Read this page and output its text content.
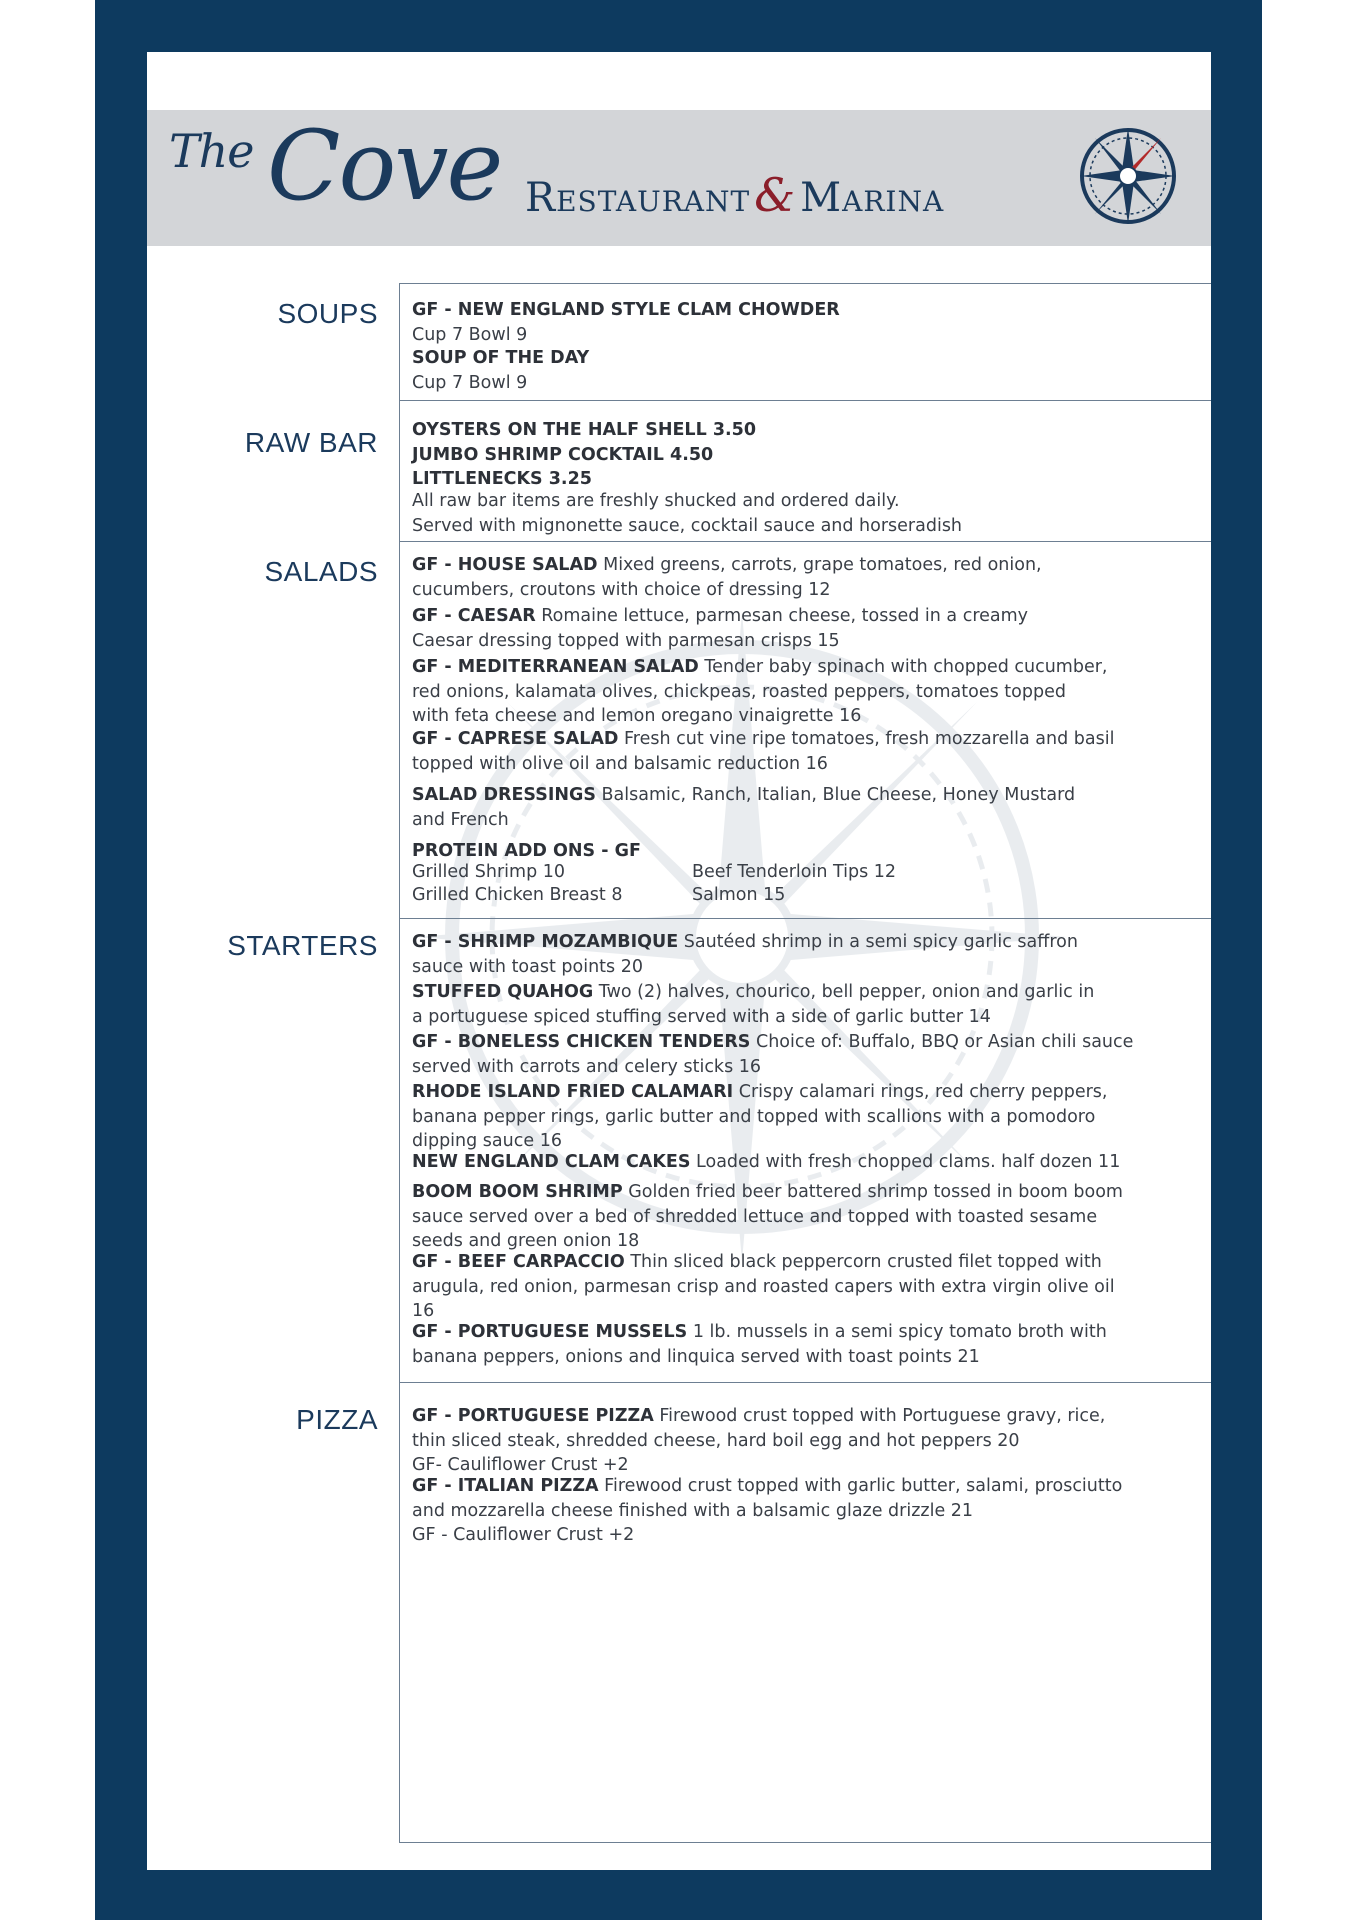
The Cove Restaurant& Marina
SOUPS
RAW BAR
SALADS
STARTERS
PIZZA
GF - NEW ENGLAND STYLE CLAM CHOWDER
Cup 7 Bowl 9
SOUP OF THE DAY
Cup 7 Bowl 9
OYSTERS ON THE HALF SHELL 3.50
JUMBO SHRIMP COCKTAIL 4.50
LITTLENECKS 3.25
All raw bar items are freshly shucked and ordered daily.
Served with mignonette sauce, cocktail sauce and horseradish
GF - HOUSE SALAD Mixed greens, carrots, grape tomatoes, red onion,
cucumbers, croutons with choice of dressing 12
GF - CAESAR Romaine lettuce, parmesan cheese, tossed in a creamy
Caesar dressing topped with parmesan crisps 15
GF - MEDITERRANEAN SALAD Tender baby spinach with chopped cucumber,
red onions, kalamata olives, chickpeas, roasted peppers, tomatoes topped
with feta cheese and lemon oregano vinaigrette 16
GF - CAPRESE SALAD Fresh cut vine ripe tomatoes, fresh mozzarella and basil
topped with olive oil and balsamic reduction 16
SALAD DRESSINGS Balsamic, Ranch, Italian, Blue Cheese, Honey Mustard
and French
PROTEIN ADD ONS - GF
Grilled Shrimp 10	Beef Tenderloin Tips 12
Grilled Chicken Breast 8	Salmon 15
GF - SHRIMP MOZAMBIQUE Sautéed shrimp in a semi spicy garlic saffron
sauce with toast points 20
STUFFED QUAHOG Two (2) halves, chourico, bell pepper, onion and garlic in
a portuguese spiced stuffing served with a side of garlic butter 14
GF - BONELESS CHICKEN TENDERS Choice of: Buffalo, BBQ or Asian chili sauce
served with carrots and celery sticks 16
RHODE ISLAND FRIED CALAMARI Crispy calamari rings, red cherry peppers,
banana pepper rings, garlic butter and topped with scallions with a pomodoro
dipping sauce 16
NEW ENGLAND CLAM CAKES Loaded with fresh chopped clams. half dozen 11
BOOM BOOM SHRIMP Golden fried beer battered shrimp tossed in boom boom
sauce served over a bed of shredded lettuce and topped with toasted sesame
seeds and green onion 18
GF - BEEF CARPACCIO Thin sliced black peppercorn crusted filet topped with
arugula, red onion, parmesan crisp and roasted capers with extra virgin olive oil
16
GF - PORTUGUESE MUSSELS 1 lb. mussels in a semi spicy tomato broth with
banana peppers, onions and linquica served with toast points 21
GF - PORTUGUESE PIZZA Firewood crust topped with Portuguese gravy, rice,
thin sliced steak, shredded cheese, hard boil egg and hot peppers 20
GF- Cauliflower Crust +2
GF - ITALIAN PIZZA Firewood crust topped with garlic butter, salami, prosciutto
and mozzarella cheese finished with a balsamic glaze drizzle 21
GF - Cauliflower Crust +2
